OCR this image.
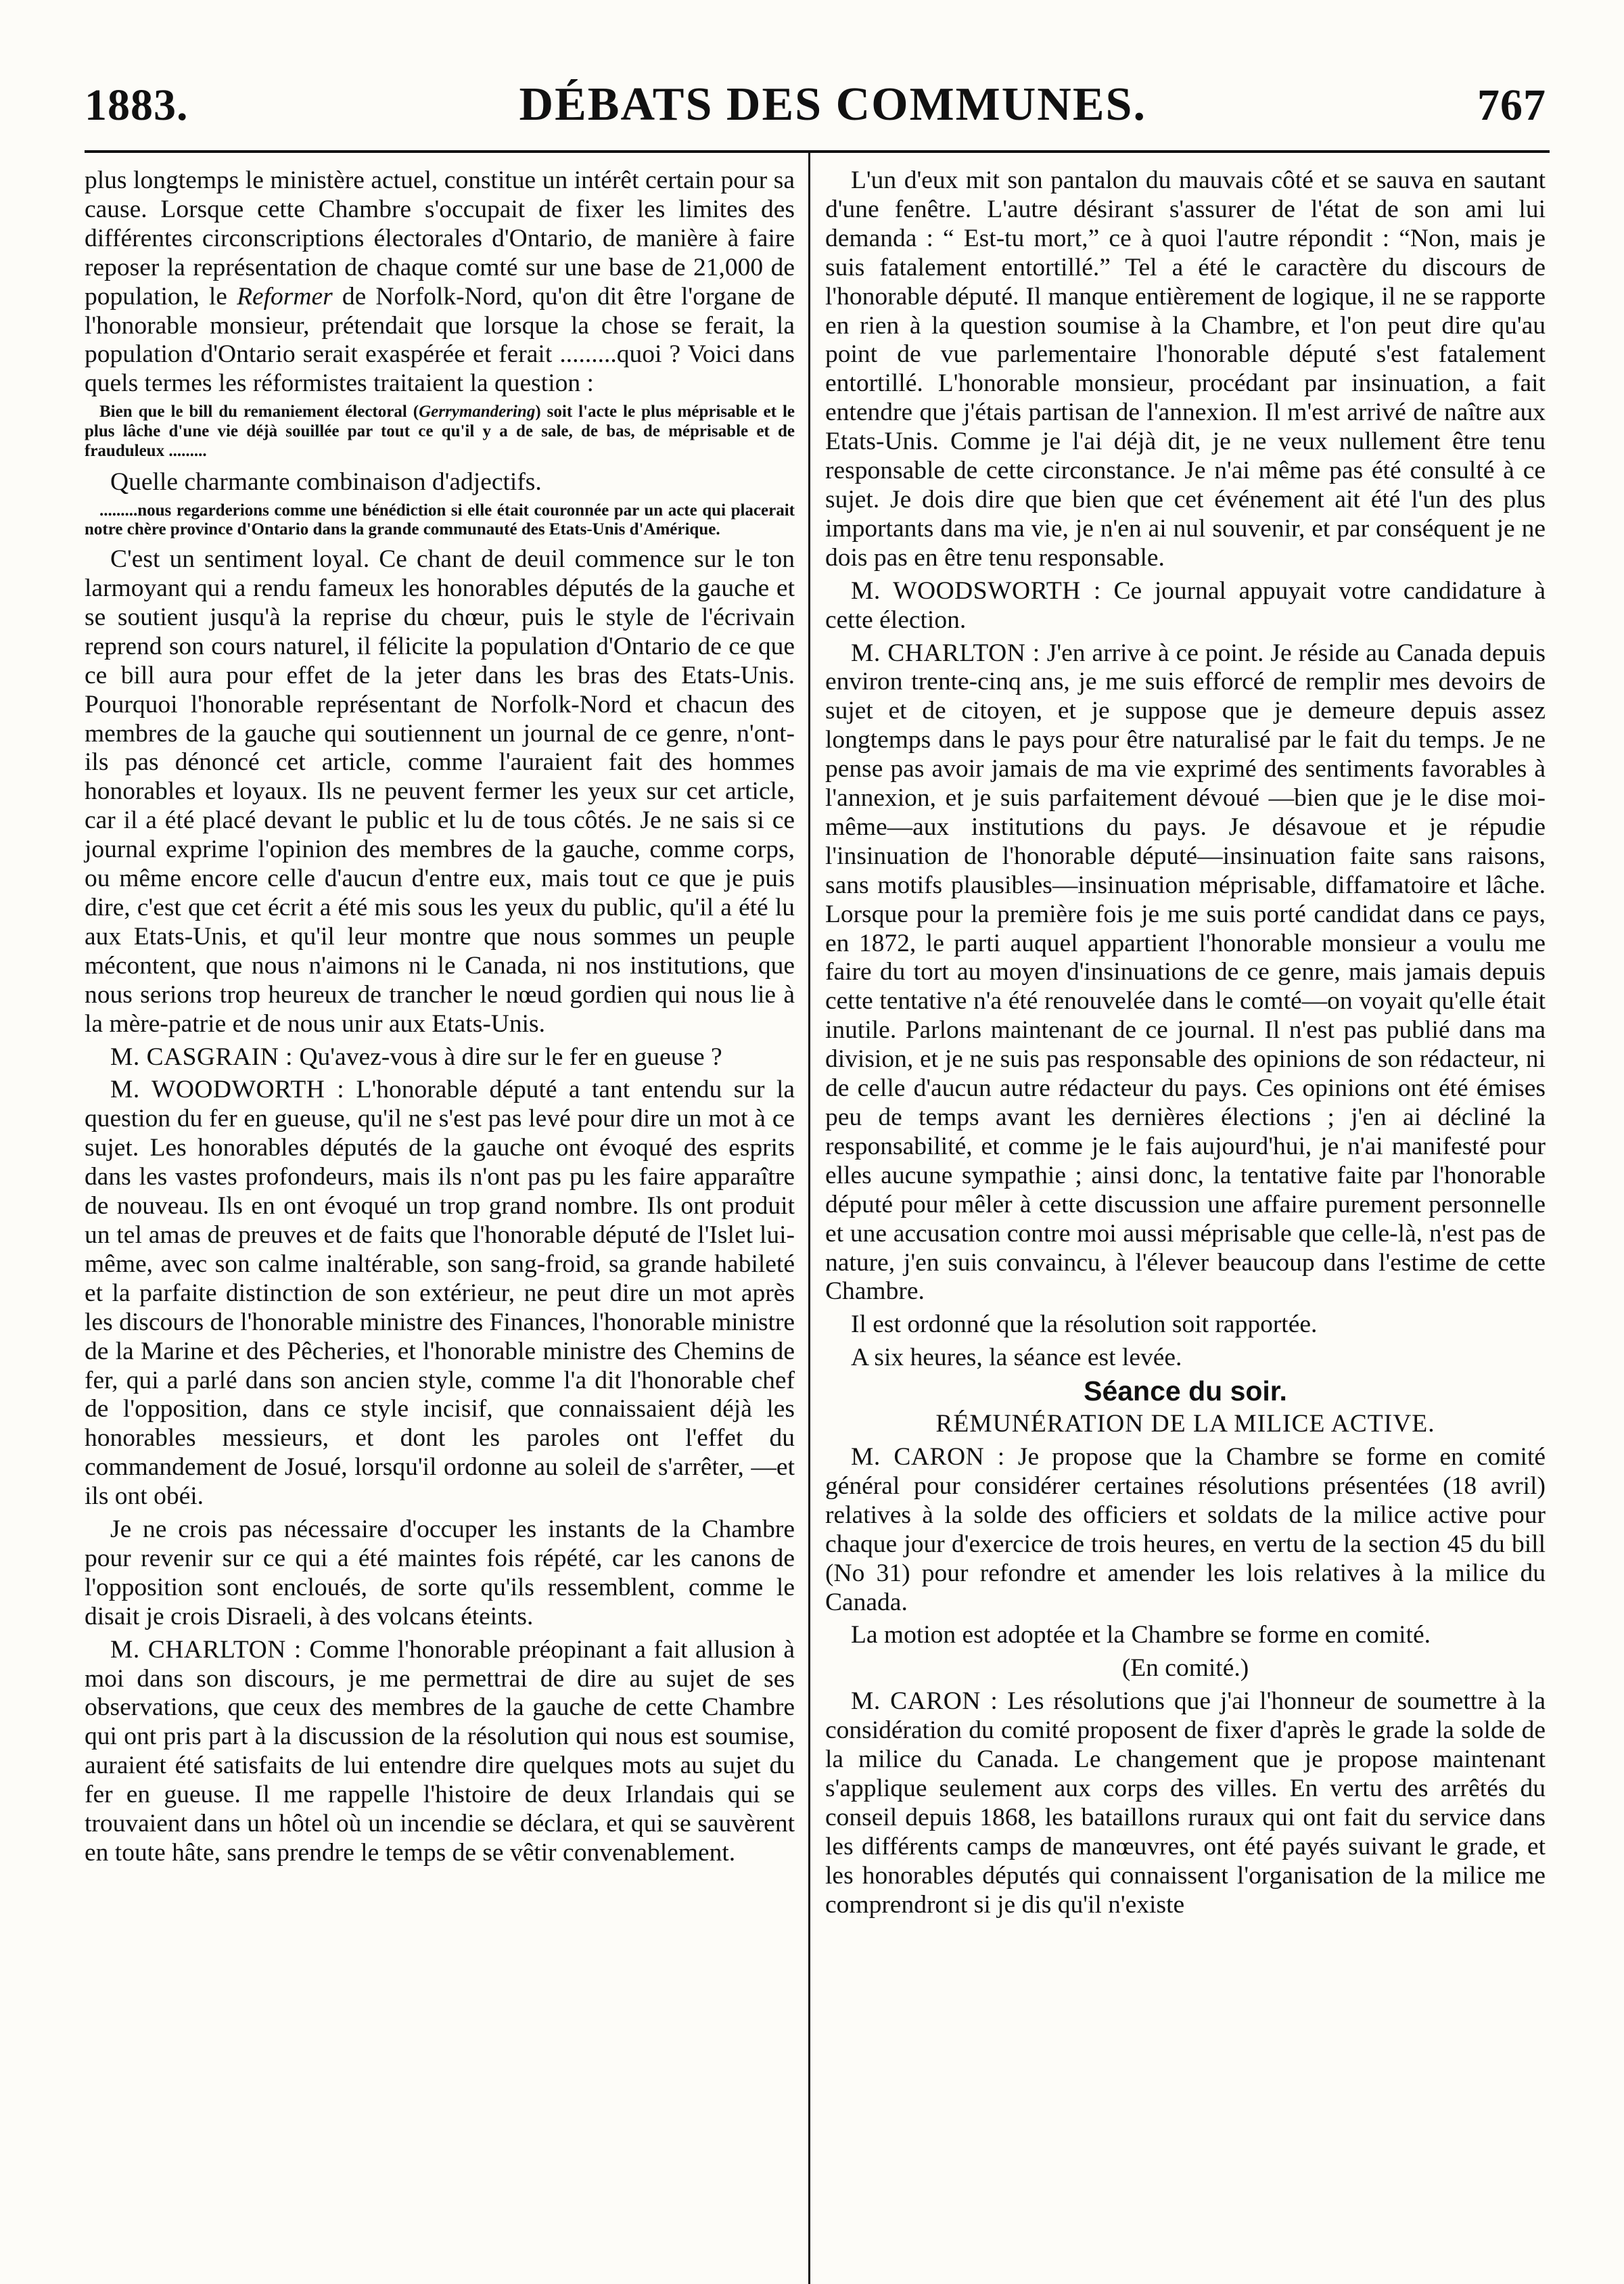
1883.	DÉBATS DES COMMUNES.	767

plus longtemps le ministère actuel, constitue un intérêt certain pour sa cause. Lorsque cette Chambre s'occupait de fixer les limites des différentes circonscriptions électorales d'Ontario, de manière à faire reposer la représentation de chaque comté sur une base de 21,000 de population, le Reformer de Norfolk-Nord, qu'on dit être l'organe de l'honorable monsieur, prétendait que lorsque la chose se ferait, la population d'Ontario serait exaspérée et ferait .........quoi ? Voici dans quels termes les réformistes traitaient la question :

Bien que le bill du remaniement électoral (Gerrymandering) soit l'acte le plus méprisable et le plus lâche d'une vie déjà souillée par tout ce qu'il y a de sale, de bas, de méprisable et de frauduleux .........

Quelle charmante combinaison d'adjectifs.

.........nous regarderions comme une bénédiction si elle était couronnée par un acte qui placerait notre chère province d'Ontario dans la grande communauté des Etats-Unis d'Amérique.

C'est un sentiment loyal. Ce chant de deuil commence sur le ton larmoyant qui a rendu fameux les honorables députés de la gauche et se soutient jusqu'à la reprise du chœur, puis le style de l'écrivain reprend son cours naturel, il félicite la population d'Ontario de ce que ce bill aura pour effet de la jeter dans les bras des Etats-Unis. Pourquoi l'honorable représentant de Norfolk-Nord et chacun des membres de la gauche qui soutiennent un journal de ce genre, n'ont-ils pas dénoncé cet article, comme l'auraient fait des hommes honorables et loyaux. Ils ne peuvent fermer les yeux sur cet article, car il a été placé devant le public et lu de tous côtés. Je ne sais si ce journal exprime l'opinion des membres de la gauche, comme corps, ou même encore celle d'aucun d'entre eux, mais tout ce que je puis dire, c'est que cet écrit a été mis sous les yeux du public, qu'il a été lu aux Etats-Unis, et qu'il leur montre que nous sommes un peuple mécontent, que nous n'aimons ni le Canada, ni nos institutions, que nous serions trop heureux de trancher le nœud gordien qui nous lie à la mère-patrie et de nous unir aux Etats-Unis.

M. CASGRAIN : Qu'avez-vous à dire sur le fer en gueuse ?

M. WOODWORTH : L'honorable député a tant entendu sur la question du fer en gueuse, qu'il ne s'est pas levé pour dire un mot à ce sujet. Les honorables députés de la gauche ont évoqué des esprits dans les vastes profondeurs, mais ils n'ont pas pu les faire apparaître de nouveau. Ils en ont évoqué un trop grand nombre. Ils ont produit un tel amas de preuves et de faits que l'honorable député de l'Islet lui-même, avec son calme inaltérable, son sang-froid, sa grande habileté et la parfaite distinction de son extérieur, ne peut dire un mot après les discours de l'honorable ministre des Finances, l'honorable ministre de la Marine et des Pêcheries, et l'honorable ministre des Chemins de fer, qui a parlé dans son ancien style, comme l'a dit l'honorable chef de l'opposition, dans ce style incisif, que connaissaient déjà les honorables messieurs, et dont les paroles ont l'effet du commandement de Josué, lorsqu'il ordonne au soleil de s'arrêter, —et ils ont obéi.

Je ne crois pas nécessaire d'occuper les instants de la Chambre pour revenir sur ce qui a été maintes fois répété, car les canons de l'opposition sont encloués, de sorte qu'ils ressemblent, comme le disait je crois Disraeli, à des volcans éteints.

M. CHARLTON : Comme l'honorable préopinant a fait allusion à moi dans son discours, je me permettrai de dire au sujet de ses observations, que ceux des membres de la gauche de cette Chambre qui ont pris part à la discussion de la résolution qui nous est soumise, auraient été satisfaits de lui entendre dire quelques mots au sujet du fer en gueuse. Il me rappelle l'histoire de deux Irlandais qui se trouvaient dans un hôtel où un incendie se déclara, et qui se sauvèrent en toute hâte, sans prendre le temps de se vêtir convenablement.

L'un d'eux mit son pantalon du mauvais côté et se sauva en sautant d'une fenêtre. L'autre désirant s'assurer de l'état de son ami lui demanda : “ Est-tu mort,” ce à quoi l'autre répondit : “Non, mais je suis fatalement entortillé.” Tel a été le caractère du discours de l'honorable député. Il manque entièrement de logique, il ne se rapporte en rien à la question soumise à la Chambre, et l'on peut dire qu'au point de vue parlementaire l'honorable député s'est fatalement entortillé. L'honorable monsieur, procédant par insinuation, a fait entendre que j'étais partisan de l'annexion. Il m'est arrivé de naître aux Etats-Unis. Comme je l'ai déjà dit, je ne veux nullement être tenu responsable de cette circonstance. Je n'ai même pas été consulté à ce sujet. Je dois dire que bien que cet événement ait été l'un des plus importants dans ma vie, je n'en ai nul souvenir, et par conséquent je ne dois pas en être tenu responsable.

M. WOODSWORTH : Ce journal appuyait votre candidature à cette élection.

M. CHARLTON : J'en arrive à ce point. Je réside au Canada depuis environ trente-cinq ans, je me suis efforcé de remplir mes devoirs de sujet et de citoyen, et je suppose que je demeure depuis assez longtemps dans le pays pour être naturalisé par le fait du temps. Je ne pense pas avoir jamais de ma vie exprimé des sentiments favorables à l'annexion, et je suis parfaitement dévoué —bien que je le dise moi-même—aux institutions du pays. Je désavoue et je répudie l'insinuation de l'honorable député—insinuation faite sans raisons, sans motifs plausibles—insinuation méprisable, diffamatoire et lâche. Lorsque pour la première fois je me suis porté candidat dans ce pays, en 1872, le parti auquel appartient l'honorable monsieur a voulu me faire du tort au moyen d'insinuations de ce genre, mais jamais depuis cette tentative n'a été renouvelée dans le comté—on voyait qu'elle était inutile. Parlons maintenant de ce journal. Il n'est pas publié dans ma division, et je ne suis pas responsable des opinions de son rédacteur, ni de celle d'aucun autre rédacteur du pays. Ces opinions ont été émises peu de temps avant les dernières élections ; j'en ai décliné la responsabilité, et comme je le fais aujourd'hui, je n'ai manifesté pour elles aucune sympathie ; ainsi donc, la tentative faite par l'honorable député pour mêler à cette discussion une affaire purement personnelle et une accusation contre moi aussi méprisable que celle-là, n'est pas de nature, j'en suis convaincu, à l'élever beaucoup dans l'estime de cette Chambre.

Il est ordonné que la résolution soit rapportée.

A six heures, la séance est levée.

Séance du soir.

RÉMUNÉRATION DE LA MILICE ACTIVE.

M. CARON : Je propose que la Chambre se forme en comité général pour considérer certaines résolutions présentées (18 avril) relatives à la solde des officiers et soldats de la milice active pour chaque jour d'exercice de trois heures, en vertu de la section 45 du bill (No 31) pour refondre et amender les lois relatives à la milice du Canada.

La motion est adoptée et la Chambre se forme en comité.

(En comité.)

M. CARON : Les résolutions que j'ai l'honneur de soumettre à la considération du comité proposent de fixer d'après le grade la solde de la milice du Canada. Le changement que je propose maintenant s'applique seulement aux corps des villes. En vertu des arrêtés du conseil depuis 1868, les bataillons ruraux qui ont fait du service dans les différents camps de manœuvres, ont été payés suivant le grade, et les honorables députés qui connaissent l'organisation de la milice me comprendront si je dis qu'il n'existe
